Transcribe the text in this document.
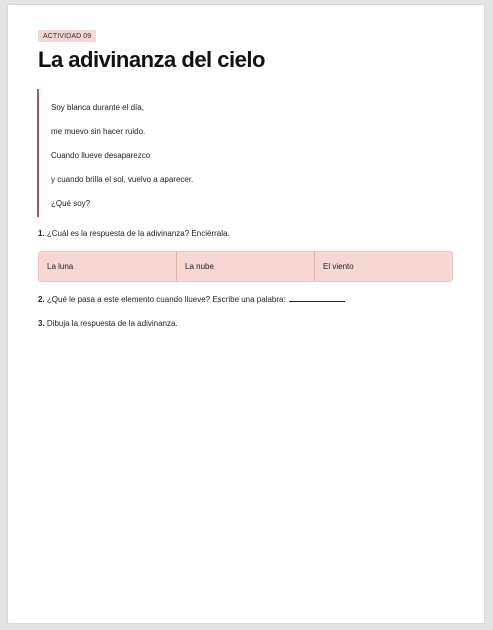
ACTIVIDAD 09
La adivinanza del cielo
Soy blanca durante el día,
me muevo sin hacer ruido.
Cuando llueve desaparezco
y cuando brilla el sol, vuelvo a aparecer.
¿Qué soy?
1. ¿Cuál es la respuesta de la adivinanza? Enciérrala.
La luna	La nube	El viento
2. ¿Qué le pasa a este elemento cuando llueve? Escribe una palabra:
3. Dibuja la respuesta de la adivinanza.
